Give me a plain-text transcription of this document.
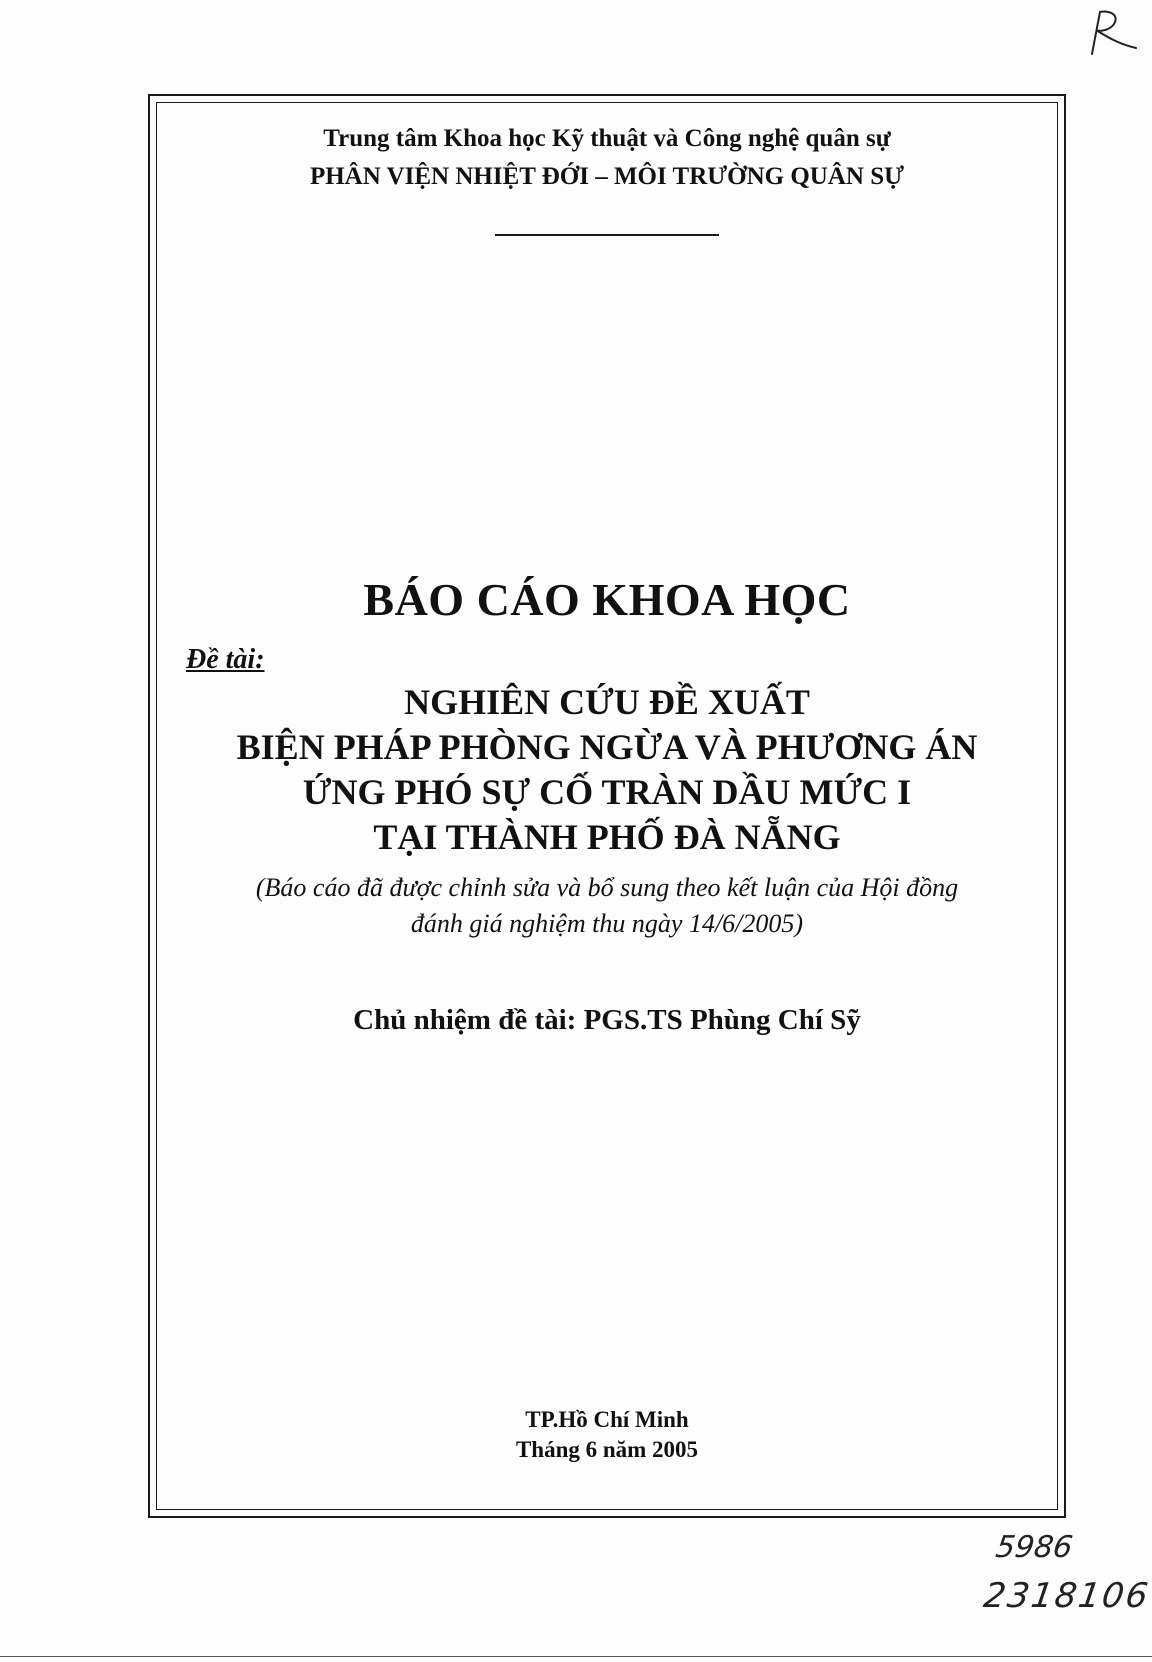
Trung tâm Khoa học Kỹ thuật và Công nghệ quân sự
PHÂN VIỆN NHIỆT ĐỚI – MÔI TRƯỜNG QUÂN SỰ
BÁO CÁO KHOA HỌC
Đề tài:
NGHIÊN CỨU ĐỀ XUẤT
BIỆN PHÁP PHÒNG NGỪA VÀ PHƯƠNG ÁN
ỨNG PHÓ SỰ CỐ TRÀN DẦU MỨC I
TẠI THÀNH PHỐ ĐÀ NẴNG
(Báo cáo đã được chỉnh sửa và bổ sung theo kết luận của Hội đồng
đánh giá nghiệm thu ngày 14/6/2005)
Chủ nhiệm đề tài: PGS.TS Phùng Chí Sỹ
TP.Hồ Chí Minh
Tháng 6 năm 2005
5986
2318106
